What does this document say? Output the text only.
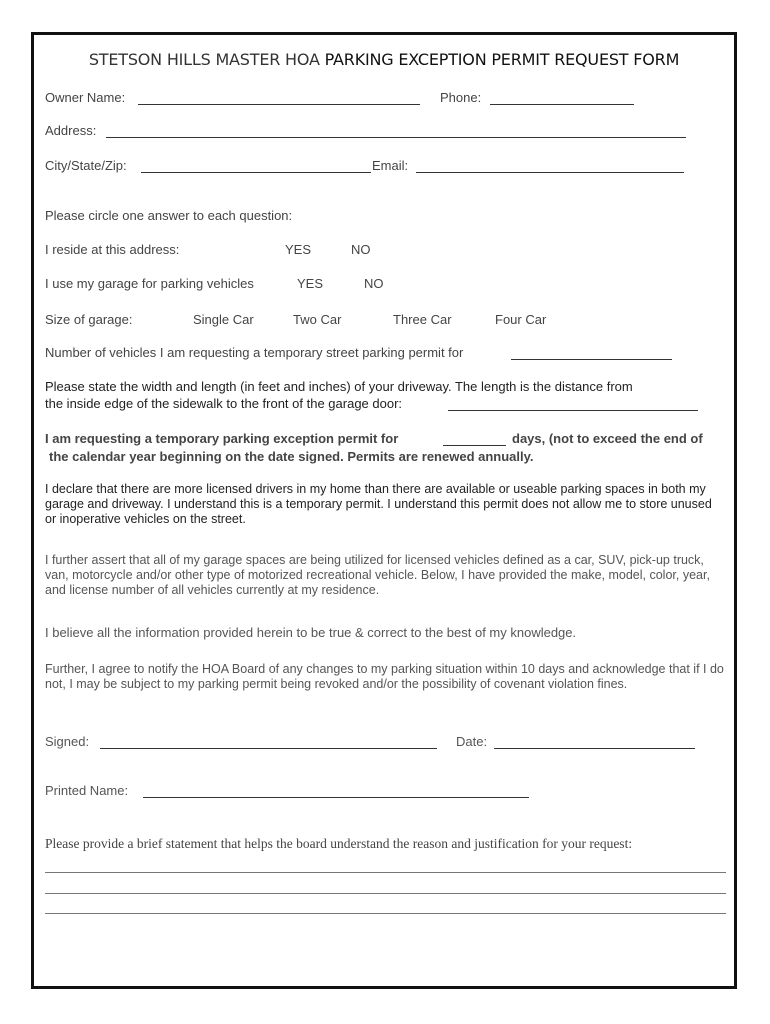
STETSON HILLS MASTER HOA PARKING EXCEPTION PERMIT REQUEST FORM
Owner Name:	Phone:
Address:
City/State/Zip:	Email:
Please circle one answer to each question:
I reside at this address:	YES	NO
I use my garage for parking vehicles	YES	NO
Size of garage:	Single Car	Two Car	Three Car	Four Car
Number of vehicles I am requesting a temporary street parking permit for
Please state the width and length (in feet and inches) of your driveway. The length is the distance from
the inside edge of the sidewalk to the front of the garage door:
I am requesting a temporary parking exception permit for	days, (not to exceed the end of
the calendar year beginning on the date signed. Permits are renewed annually.
I declare that there are more licensed drivers in my home than there are available or useable parking spaces in both my garage and driveway. I understand this is a temporary permit. I understand this permit does not allow me to store unused or inoperative vehicles on the street.
I further assert that all of my garage spaces are being utilized for licensed vehicles defined as a car, SUV, pick-up truck, van, motorcycle and/or other type of motorized recreational vehicle. Below, I have provided the make, model, color, year, and license number of all vehicles currently at my residence.
I believe all the information provided herein to be true & correct to the best of my knowledge.
Further, I agree to notify the HOA Board of any changes to my parking situation within 10 days and acknowledge that if I do not, I may be subject to my parking permit being revoked and/or the possibility of covenant violation fines.
Signed:	Date:
Printed Name:
Please provide a brief statement that helps the board understand the reason and justification for your request:
